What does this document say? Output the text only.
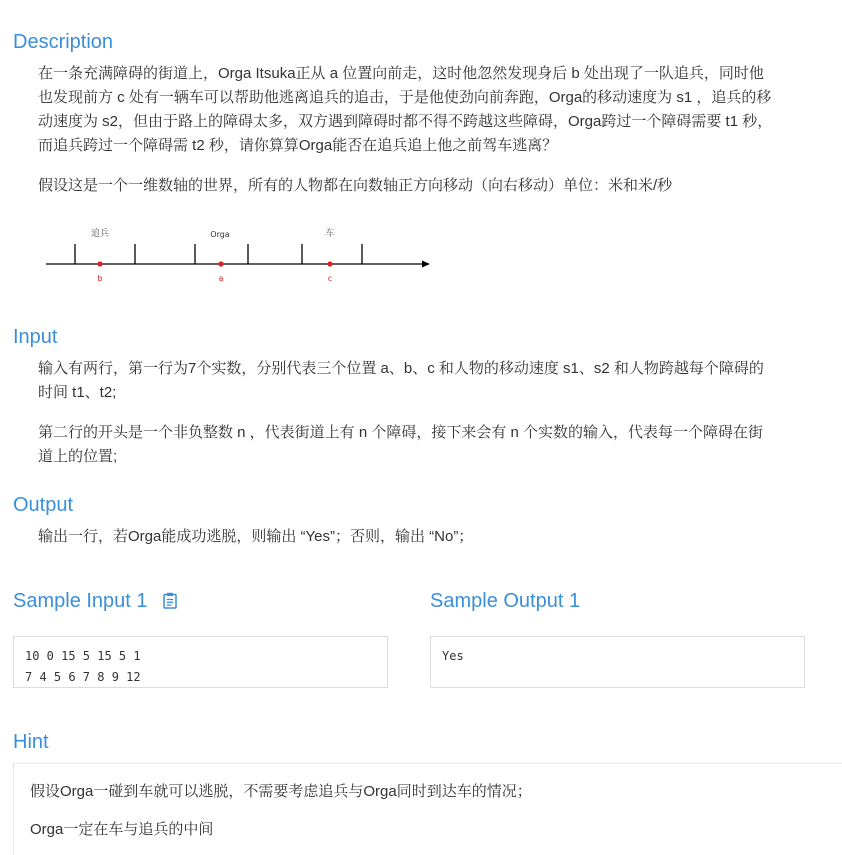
Description

在一条充满障碍的街道上，Orga Itsuka正从 a 位置向前走，这时他忽然发现身后 b 处出现了一队追兵，同时他

也发现前方 c 处有一辆车可以帮助他逃离追兵的追击，于是他使劲向前奔跑，Orga的移动速度为 s1 ，追兵的移

动速度为 s2，但由于路上的障碍太多，双方遇到障碍时都不得不跨越这些障碍，Orga跨过一个障碍需要 t1 秒，

而追兵跨过一个障碍需 t2 秒，请你算算Orga能否在追兵追上他之前驾车逃离？

假设这是一个一维数轴的世界，所有的人物都在向数轴正方向移动（向右移动）单位：米和米/秒

追兵	Orga	车
b	a	c
Input

输入有两行，第一行为7个实数，分别代表三个位置 a、b、c 和人物的移动速度 s1、s2 和人物跨越每个障碍的

时间 t1、t2;

第二行的开头是一个非负整数 n ，代表街道上有 n 个障碍，接下来会有 n 个实数的输入，代表每一个障碍在街

道上的位置;

Output

输出一行，若Orga能成功逃脱，则输出 “Yes”；否则，输出 “No”；

Sample Input 1
10 0 15 5 15 5 1
7 4 5 6 7 8 9 12
Sample Output 1
Yes
Hint

假设Orga一碰到车就可以逃脱，不需要考虑追兵与Orga同时到达车的情况；

Orga一定在车与追兵的中间
